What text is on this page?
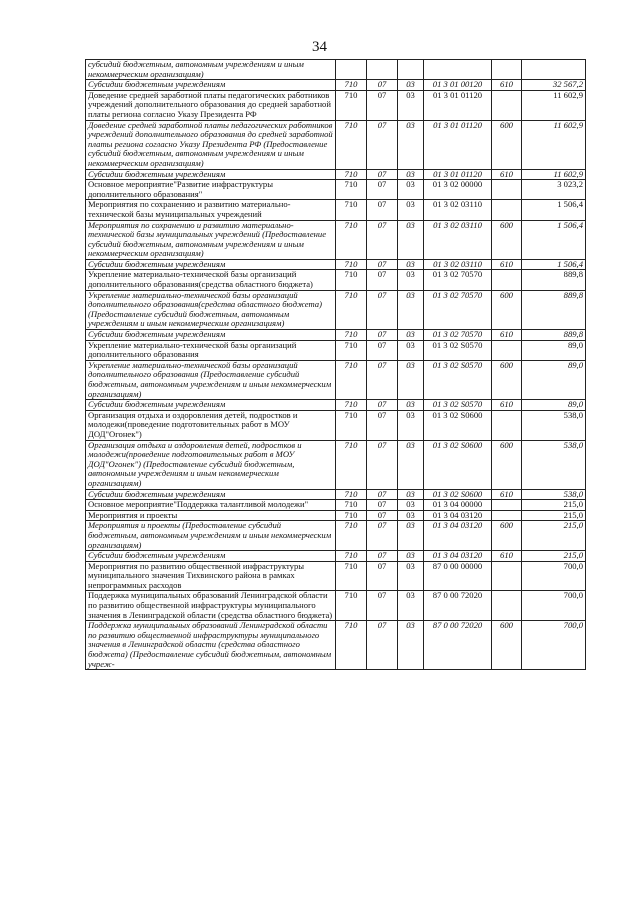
34
субсидий бюджетным, автономным учреждениям и иным некоммерческим организациям)						
Субсидии бюджетным учреждениям	710	07	03	01 3 01 00120	610	32 567,2
Доведение средней заработной платы педагогических работников учреждений дополнительного образования до средней заработной платы региона согласно Указу Президента РФ	710	07	03	01 3 01 01120		11 602,9
Доведение средней заработной платы педагогических работников учреждений дополнительного образования до средней заработной платы региона согласно Указу Президента РФ (Предоставление субсидий бюджетным, автономным учреждениям и иным некоммерческим организациям)	710	07	03	01 3 01 01120	600	11 602,9
Субсидии бюджетным учреждениям	710	07	03	01 3 01 01120	610	11 602,9
Основное мероприятие"Развитие инфраструктуры дополнительного образования"	710	07	03	01 3 02 00000		3 023,2
Мероприятия по сохранению и развитию материально-технической базы муниципальных учреждений	710	07	03	01 3 02 03110		1 506,4
Мероприятия по сохранению и развитию материально-технической базы муниципальных учреждений (Предоставление субсидий бюджетным, автономным учреждениям и иным некоммерческим организациям)	710	07	03	01 3 02 03110	600	1 506,4
Субсидии бюджетным учреждениям	710	07	03	01 3 02 03110	610	1 506,4
Укрепление материально-технической базы организаций дополнительного образования(средства областного бюджета)	710	07	03	01 3 02 70570		889,8
Укрепление материально-технической базы организаций дополнительного образования(средства областного бюджета) (Предоставление субсидий бюджетным, автономным учреждениям и иным некоммерческим организациям)	710	07	03	01 3 02 70570	600	889,8
Субсидии бюджетным учреждениям	710	07	03	01 3 02 70570	610	889,8
Укрепление материально-технической базы организаций дополнительного образования	710	07	03	01 3 02 S0570		89,0
Укрепление материально-технической базы организаций дополнительного образования (Предоставление субсидий бюджетным, автономным учреждениям и иным некоммерческим организациям)	710	07	03	01 3 02 S0570	600	89,0
Субсидии бюджетным учреждениям	710	07	03	01 3 02 S0570	610	89,0
Организация отдыха и оздоровления детей, подростков и молодежи(проведение подготовительных работ в МОУ ДОД"Огонек")	710	07	03	01 3 02 S0600		538,0
Организация отдыха и оздоровления детей, подростков и молодежи(проведение подготовительных работ в МОУ ДОД"Огонек") (Предоставление субсидий бюджетным, автономным учреждениям и иным некоммерческим организациям)	710	07	03	01 3 02 S0600	600	538,0
Субсидии бюджетным учреждениям	710	07	03	01 3 02 S0600	610	538,0
Основное мероприятие"Поддержка талантливой молодежи"	710	07	03	01 3 04 00000		215,0
Мероприятия и проекты	710	07	03	01 3 04 03120		215,0
Мероприятия и проекты (Предоставление субсидий бюджетным, автономным учреждениям и иным некоммерческим организациям)	710	07	03	01 3 04 03120	600	215,0
Субсидии бюджетным учреждениям	710	07	03	01 3 04 03120	610	215,0
Мероприятия по развитию общественной инфраструктуры муниципального значения Тихвинского района в рамках непрограммных расходов	710	07	03	87 0 00 00000		700,0
Поддержка муниципальных образований Ленинградской области по развитию общественной инфраструктуры муниципального значения в Ленинградской области (средства областного бюджета)	710	07	03	87 0 00 72020		700,0
Поддержка муниципальных образований Ленинградской области по развитию общественной инфраструктуры муниципального значения в Ленинградской области (средства областного бюджета) (Предоставление субсидий бюджетным, автономным учреж-	710	07	03	87 0 00 72020	600	700,0
